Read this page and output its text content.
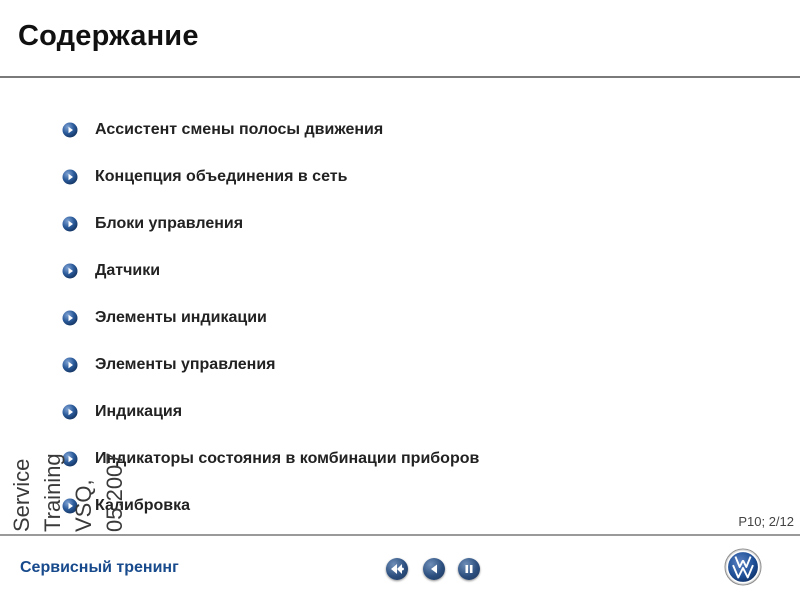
Содержание
Ассистент смены полосы движения
Концепция объединения в сеть
Блоки управления
Датчики
Элементы индикации
Элементы управления
Индикация
Индикаторы состояния в комбинации приборов
Калибровка
Service Training VSQ, 05.2007	P10; 2/12
Сервисный тренинг
